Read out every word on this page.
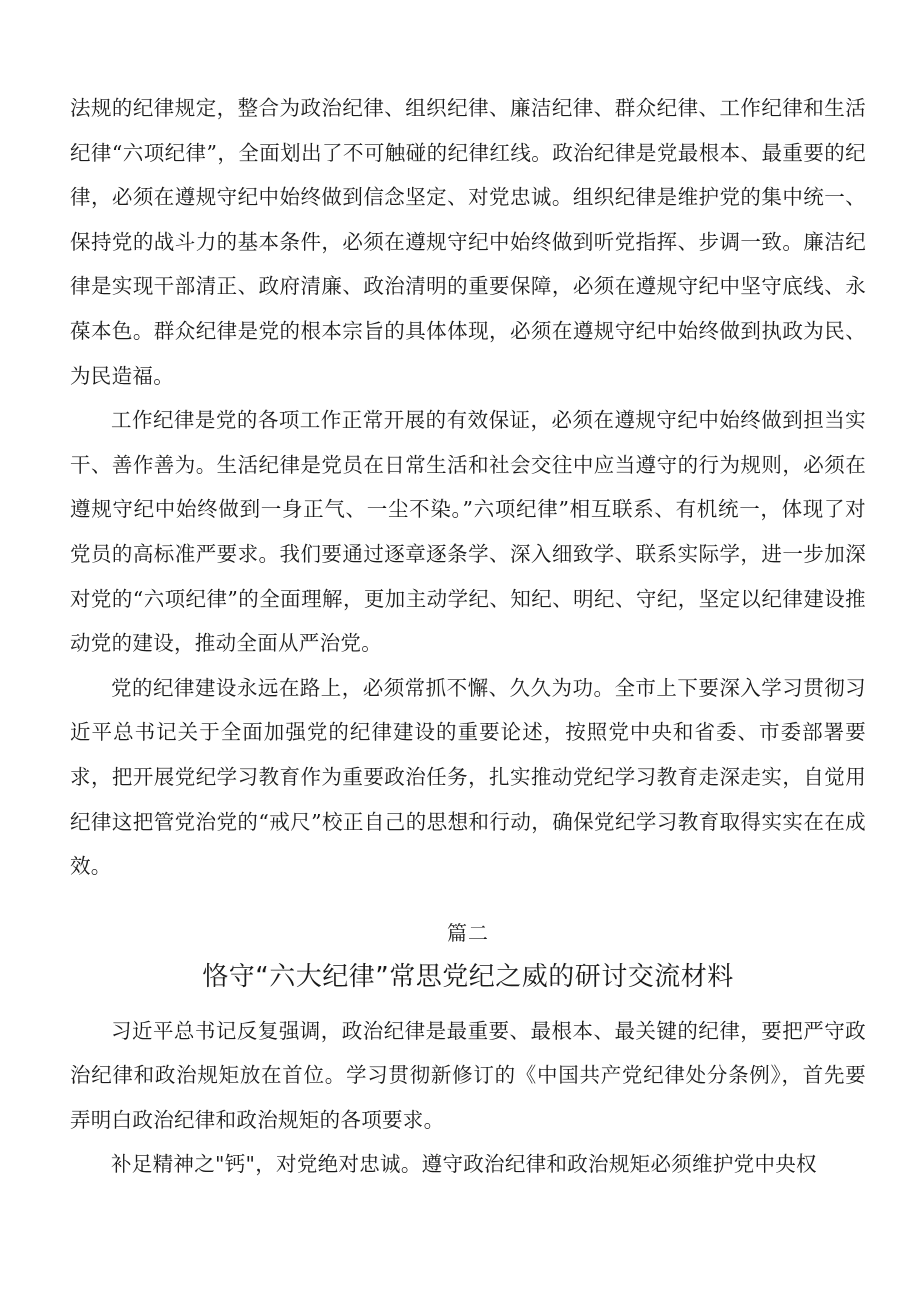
法规的纪律规定，整合为政治纪律、组织纪律、廉洁纪律、群众纪律、工作纪律和生活纪律“六项纪律”，全面划出了不可触碰的纪律红线。政治纪律是党最根本、最重要的纪律，必须在遵规守纪中始终做到信念坚定、对党忠诚。组织纪律是维护党的集中统一、保持党的战斗力的基本条件，必须在遵规守纪中始终做到听党指挥、步调一致。廉洁纪律是实现干部清正、政府清廉、政治清明的重要保障，必须在遵规守纪中坚守底线、永葆本色。群众纪律是党的根本宗旨的具体体现，必须在遵规守纪中始终做到执政为民、为民造福。

工作纪律是党的各项工作正常开展的有效保证，必须在遵规守纪中始终做到担当实干、善作善为。生活纪律是党员在日常生活和社会交往中应当遵守的行为规则，必须在遵规守纪中始终做到一身正气、一尘不染。”六项纪律”相互联系、有机统一，体现了对党员的高标准严要求。我们要通过逐章逐条学、深入细致学、联系实际学，进一步加深对党的“六项纪律”的全面理解，更加主动学纪、知纪、明纪、守纪，坚定以纪律建设推动党的建设，推动全面从严治党。

党的纪律建设永远在路上，必须常抓不懈、久久为功。全市上下要深入学习贯彻习近平总书记关于全面加强党的纪律建设的重要论述，按照党中央和省委、市委部署要求，把开展党纪学习教育作为重要政治任务，扎实推动党纪学习教育走深走实，自觉用纪律这把管党治党的“戒尺”校正自己的思想和行动，确保党纪学习教育取得实实在在成效。

篇二
恪守“六大纪律”常思党纪之威的研讨交流材料

习近平总书记反复强调，政治纪律是最重要、最根本、最关键的纪律，要把严守政治纪律和政治规矩放在首位。学习贯彻新修订的《中国共产党纪律处分条例》，首先要弄明白政治纪律和政治规矩的各项要求。

补足精神之"钙"，对党绝对忠诚。遵守政治纪律和政治规矩必须维护党中央权
